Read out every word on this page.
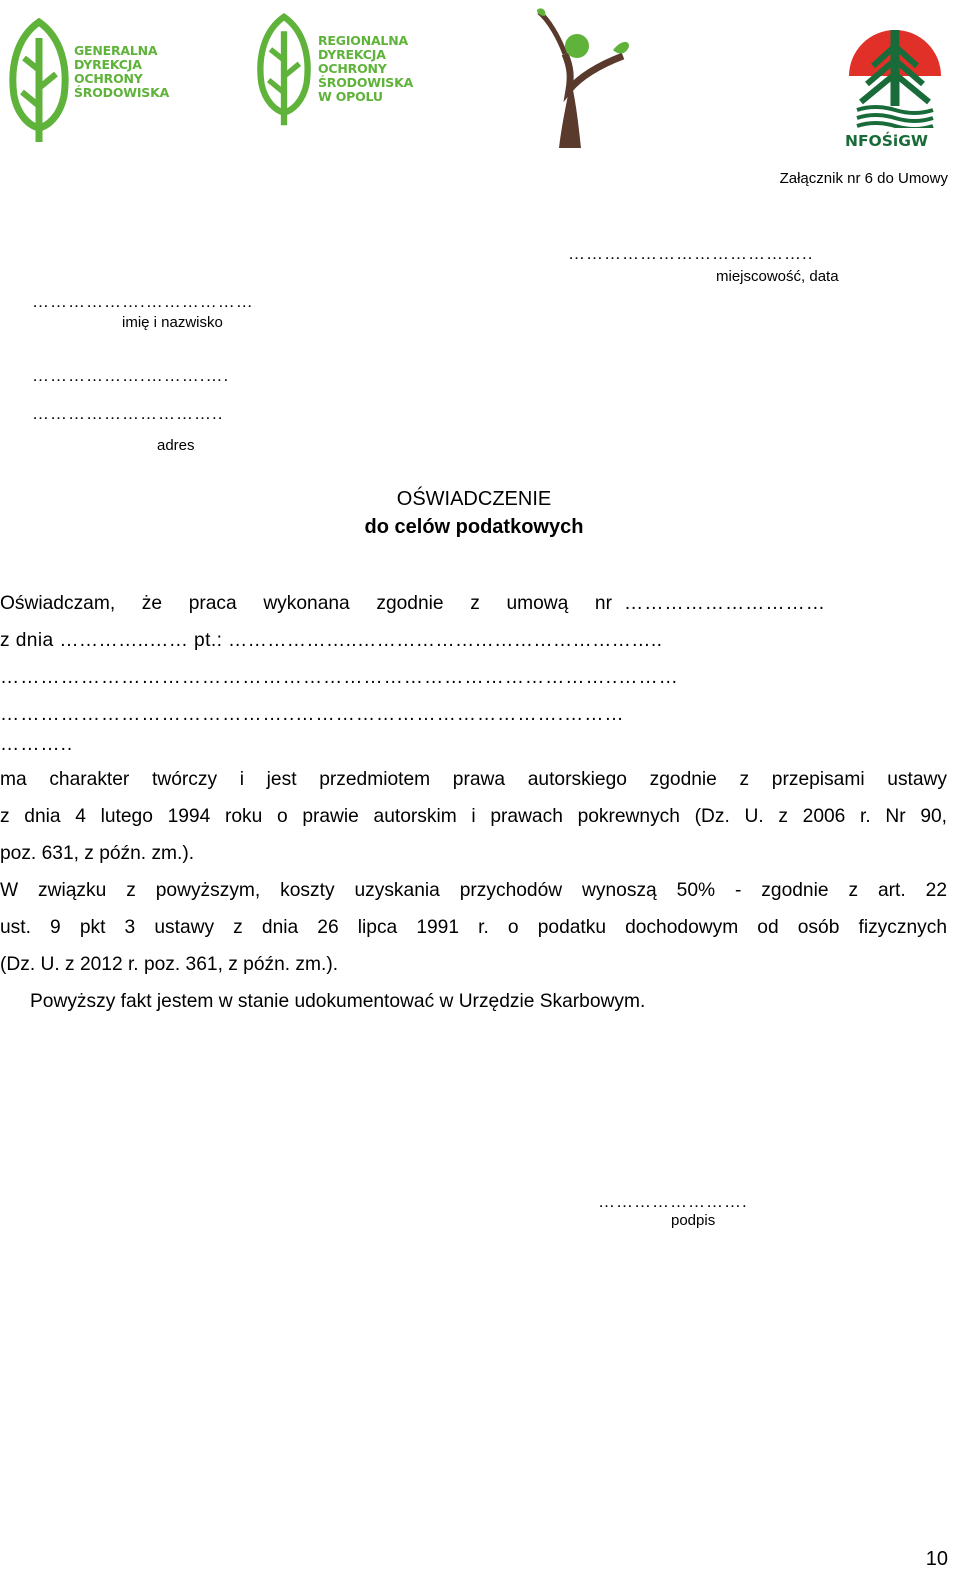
GENERALNA
DYREKCJA
OCHRONY
ŚRODOWISKA
REGIONALNA
DYREKCJA
OCHRONY
ŚRODOWISKA
W OPOLU
NFOŚiGW
Załącznik nr 6 do Umowy
…………………………………..
miejscowość, data
……………….………………
imię i nazwisko
……………….……….….
…………………………..
adres
OŚWIADCZENIE
do celów podatkowych
Oświadczam, że praca wykonana zgodnie z umową nr …………………………
z dnia …………..…… pt.: ………………..………………………………………..
………………………………………………………………………………..………
……………………………………..………………………………….………
………..
ma charakter twórczy i jest przedmiotem prawa autorskiego zgodnie z przepisami ustawy
z dnia 4 lutego 1994 roku o prawie autorskim i prawach pokrewnych (Dz. U. z 2006 r. Nr 90,
poz. 631, z późn. zm.).
W związku z powyższym, koszty uzyskania przychodów wynoszą 50% - zgodnie z art. 22
ust. 9 pkt 3 ustawy z dnia 26 lipca 1991 r. o podatku dochodowym od osób fizycznych
(Dz. U. z 2012 r. poz. 361, z późn. zm.).
Powyższy fakt jestem w stanie udokumentować w Urzędzie Skarbowym.
…………………….
podpis
10
